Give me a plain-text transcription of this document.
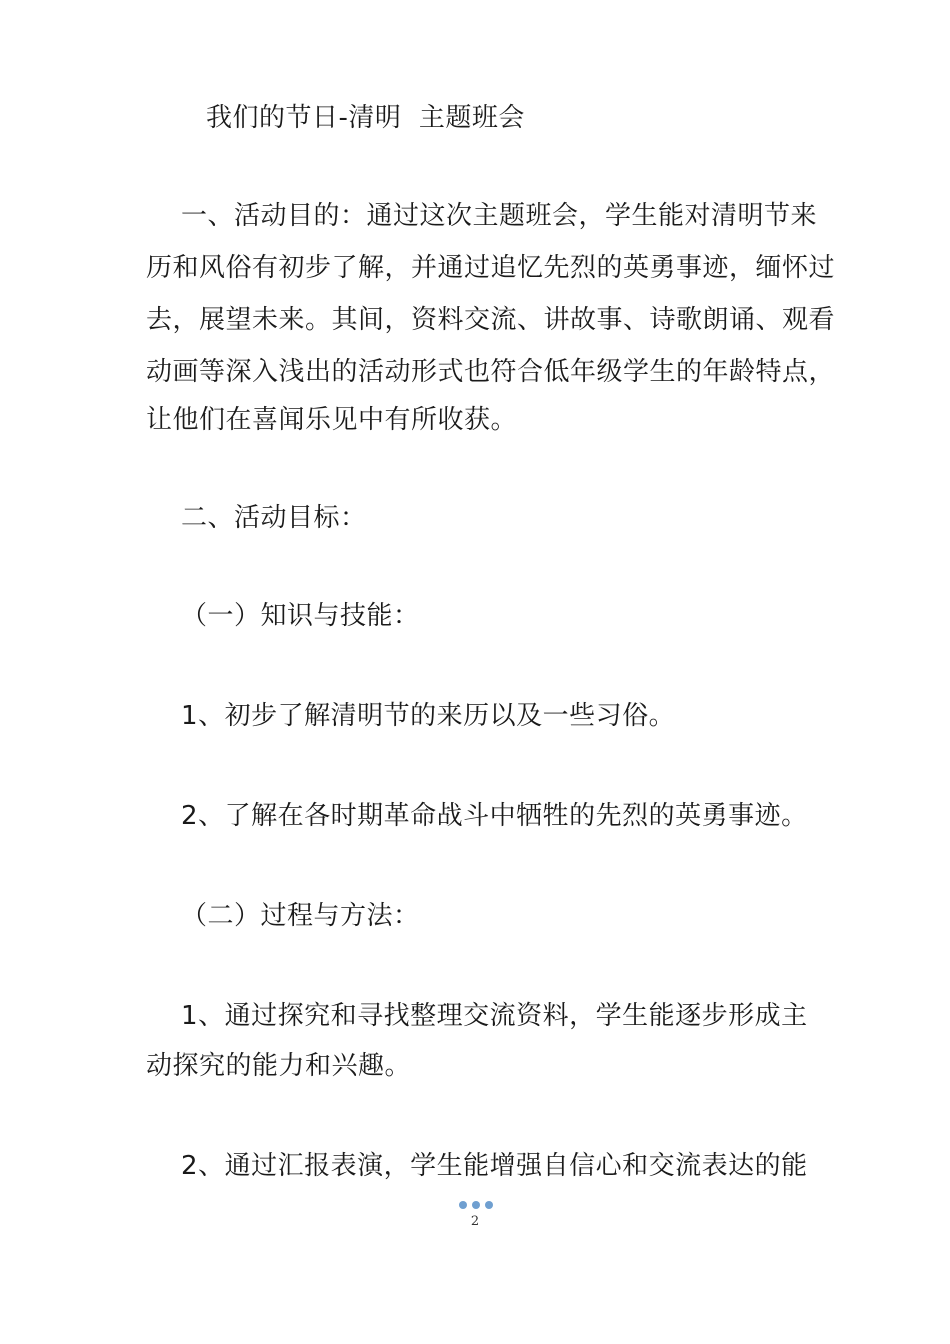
我们的节日-清明  主题班会
一、活动目的：通过这次主题班会，学生能对清明节来
历和风俗有初步了解，并通过追忆先烈的英勇事迹，缅怀过
去，展望未来。其间，资料交流、讲故事、诗歌朗诵、观看
动画等深入浅出的活动形式也符合低年级学生的年龄特点，
让他们在喜闻乐见中有所收获。
二、活动目标：
（一）知识与技能：
1、初步了解清明节的来历以及一些习俗。
2、了解在各时期革命战斗中牺牲的先烈的英勇事迹。
（二）过程与方法：
1、通过探究和寻找整理交流资料，学生能逐步形成主
动探究的能力和兴趣。
2、通过汇报表演，学生能增强自信心和交流表达的能
2
